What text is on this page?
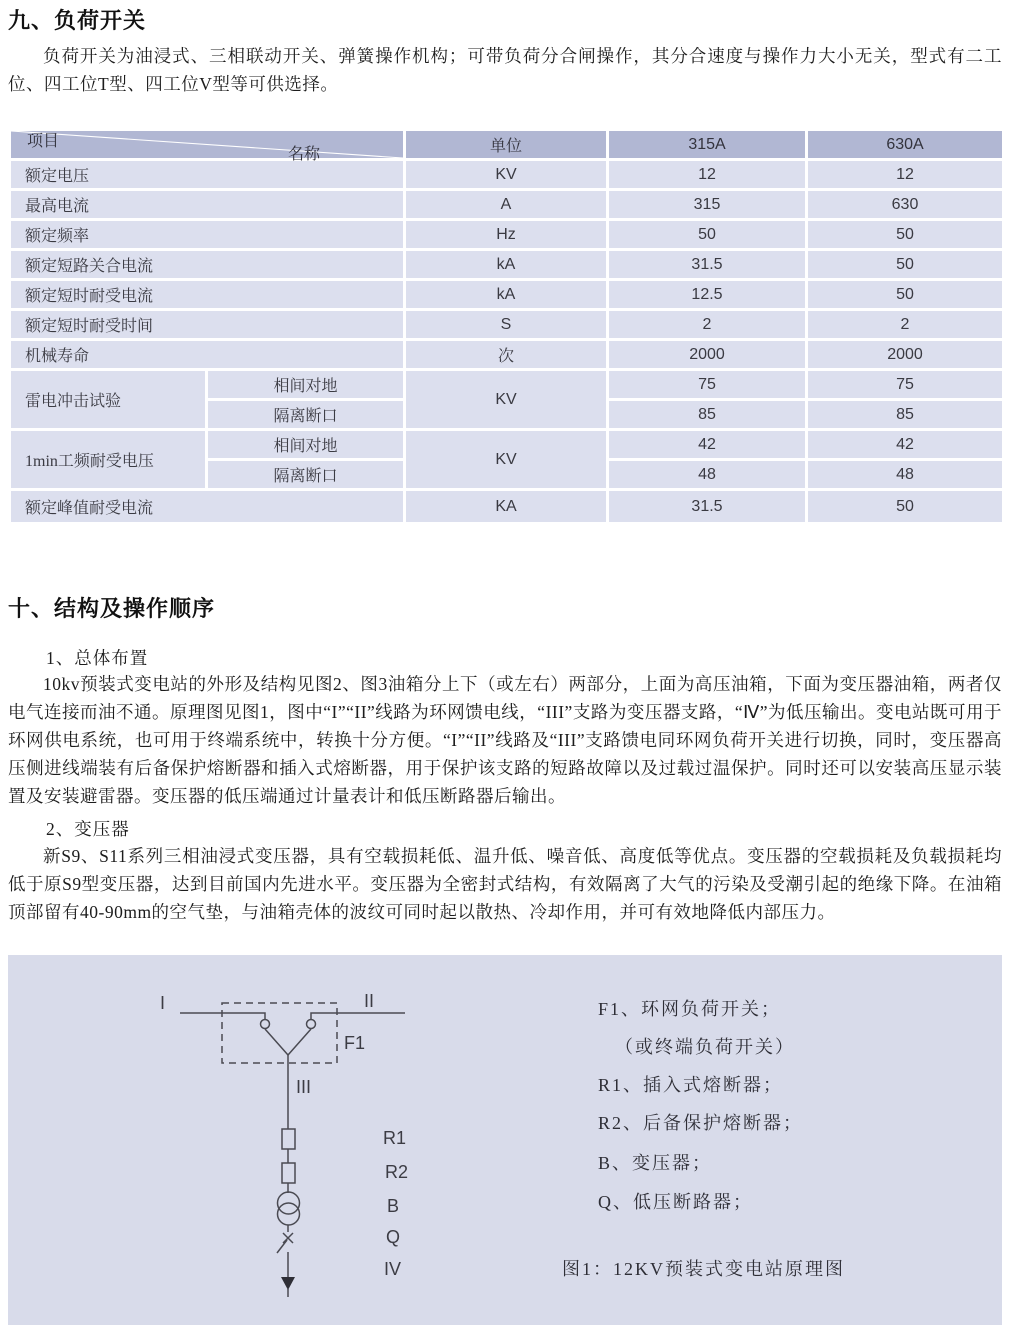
九、负荷开关

负荷开关为油浸式、三相联动开关、弹簧操作机构；可带负荷分合闸操作，其分合速度与操作力大小无关，型式有二工位、四工位T型、四工位V型等可供选择。

名称
项目		单位	315A	630A
额定电压		KV	12	12
最高电流		A	315	630
额定频率		Hz	50	50
额定短路关合电流		kA	31.5	50
额定短时耐受电流		kA	12.5	50
额定短时耐受时间		S	2	2
机械寿命		次	2000	2000
雷电冲击试验	相间对地	KV	75	75
	隔离断口		85	85
1min工频耐受电压	相间对地	KV	42	42
	隔离断口		48	48
额定峰值耐受电流		KA	31.5	50
十、结构及操作顺序

1、总体布置

10kv预装式变电站的外形及结构见图2、图3油箱分上下（或左右）两部分，上面为高压油箱，下面为变压器油箱，两者仅电气连接而油不通。原理图见图1，图中“I”“II”线路为环网馈电线，“III”支路为变压器支路，“Ⅳ”为低压输出。变电站既可用于环网供电系统，也可用于终端系统中，转换十分方便。“I”“II”线路及“III”支路馈电同环网负荷开关进行切换，同时，变压器高压侧进线端装有后备保护熔断器和插入式熔断器，用于保护该支路的短路故障以及过载过温保护。同时还可以安装高压显示装置及安装避雷器。变压器的低压端通过计量表计和低压断路器后输出。

2、变压器

新S9、S11系列三相油浸式变压器，具有空载损耗低、温升低、噪音低、高度低等优点。变压器的空载损耗及负载损耗均低于原S9型变压器，达到目前国内先进水平。变压器为全密封式结构，有效隔离了大气的污染及受潮引起的绝缘下降。在油箱顶部留有40-90mm的空气垫，与油箱壳体的波纹可同时起以散热、冷却作用，并可有效地降低内部压力。

I	II
F1
III
R1
R2
B
Q
IV
F1、环网负荷开关；
（或终端负荷开关）
R1、插入式熔断器；
R2、后备保护熔断器；
B、变压器；
Q、低压断路器；
图1：12KV预装式变电站原理图
